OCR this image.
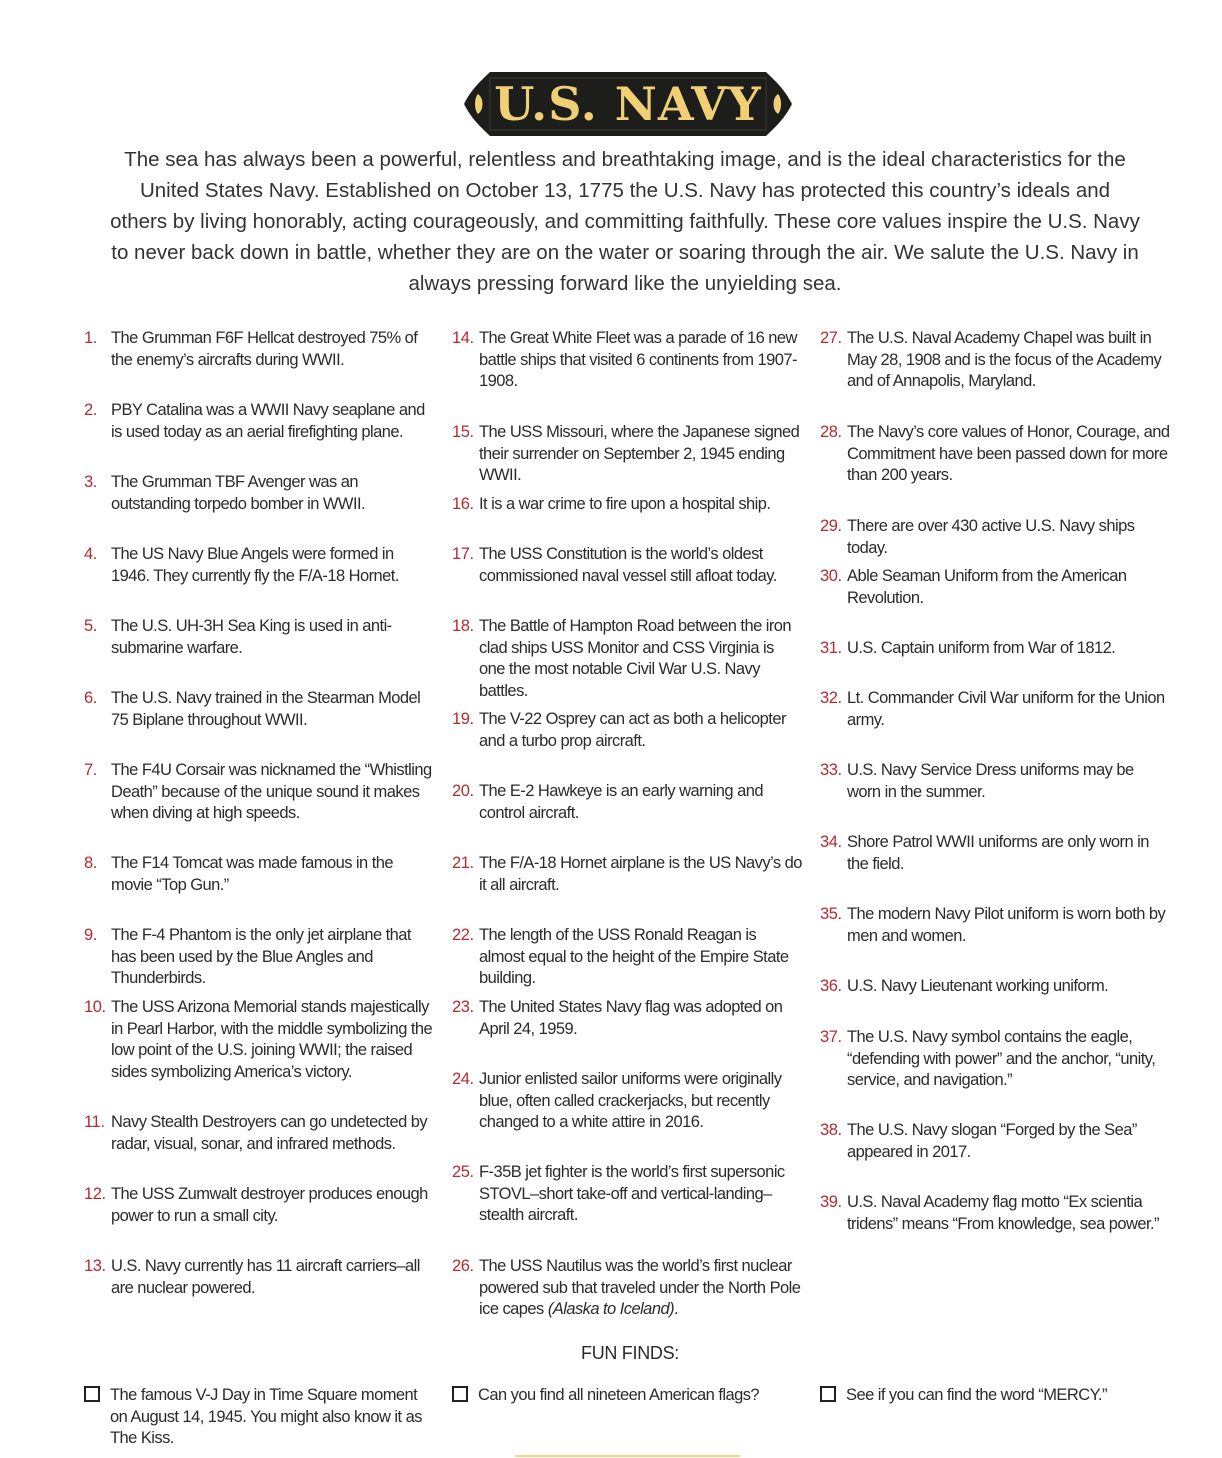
U.S. NAVY
The sea has always been a powerful, relentless and breathtaking image, and is the ideal characteristics for the United States Navy. Established on October 13, 1775 the U.S. Navy has protected this country’s ideals and others by living honorably, acting courageously, and committing faithfully. These core values inspire the U.S. Navy to never back down in battle, whether they are on the water or soaring through the air. We salute the U.S. Navy in always pressing forward like the unyielding sea.
1. The Grumman F6F Hellcat destroyed 75% of the enemy’s aircrafts during WWII.
2. PBY Catalina was a WWII Navy seaplane and is used today as an aerial firefighting plane.
3. The Grumman TBF Avenger was an outstanding torpedo bomber in WWII.
4. The US Navy Blue Angels were formed in 1946. They currently fly the F/A-18 Hornet.
5. The U.S. UH-3H Sea King is used in anti-submarine warfare.
6. The U.S. Navy trained in the Stearman Model 75 Biplane throughout WWII.
7. The F4U Corsair was nicknamed the “Whistling Death” because of the unique sound it makes when diving at high speeds.
8. The F14 Tomcat was made famous in the movie “Top Gun.”
9. The F-4 Phantom is the only jet airplane that has been used by the Blue Angles and Thunderbirds.
10. The USS Arizona Memorial stands majestically in Pearl Harbor, with the middle symbolizing the low point of the U.S. joining WWII; the raised sides symbolizing America’s victory.
11. Navy Stealth Destroyers can go undetected by radar, visual, sonar, and infrared methods.
12. The USS Zumwalt destroyer produces enough power to run a small city.
13. U.S. Navy currently has 11 aircraft carriers–all are nuclear powered.
14. The Great White Fleet was a parade of 16 new battle ships that visited 6 continents from 1907-1908.
15. The USS Missouri, where the Japanese signed their surrender on September 2, 1945 ending WWII.
16. It is a war crime to fire upon a hospital ship.
17. The USS Constitution is the world’s oldest commissioned naval vessel still afloat today.
18. The Battle of Hampton Road between the iron clad ships USS Monitor and CSS Virginia is one the most notable Civil War U.S. Navy battles.
19. The V-22 Osprey can act as both a helicopter and a turbo prop aircraft.
20. The E-2 Hawkeye is an early warning and control aircraft.
21. The F/A-18 Hornet airplane is the US Navy’s do it all aircraft.
22. The length of the USS Ronald Reagan is almost equal to the height of the Empire State building.
23. The United States Navy flag was adopted on April 24, 1959.
24. Junior enlisted sailor uniforms were originally blue, often called crackerjacks, but recently changed to a white attire in 2016.
25. F-35B jet fighter is the world’s first supersonic STOVL–short take-off and vertical-landing–stealth aircraft.
26. The USS Nautilus was the world’s first nuclear powered sub that traveled under the North Pole ice capes (Alaska to Iceland).
27. The U.S. Naval Academy Chapel was built in May 28, 1908 and is the focus of the Academy and of Annapolis, Maryland.
28. The Navy’s core values of Honor, Courage, and Commitment have been passed down for more than 200 years.
29. There are over 430 active U.S. Navy ships today.
30. Able Seaman Uniform from the American Revolution.
31. U.S. Captain uniform from War of 1812.
32. Lt. Commander Civil War uniform for the Union army.
33. U.S. Navy Service Dress uniforms may be worn in the summer.
34. Shore Patrol WWII uniforms are only worn in the field.
35. The modern Navy Pilot uniform is worn both by men and women.
36. U.S. Navy Lieutenant working uniform.
37. The U.S. Navy symbol contains the eagle, “defending with power” and the anchor, “unity, service, and navigation.”
38. The U.S. Navy slogan “Forged by the Sea” appeared in 2017.
39. U.S. Naval Academy flag motto “Ex scientia tridens” means “From knowledge, sea power.”
FUN FINDS:
The famous V-J Day in Time Square moment on August 14, 1945. You might also know it as The Kiss.
Can you find all nineteen American flags?	See if you can find the word “MERCY.”
